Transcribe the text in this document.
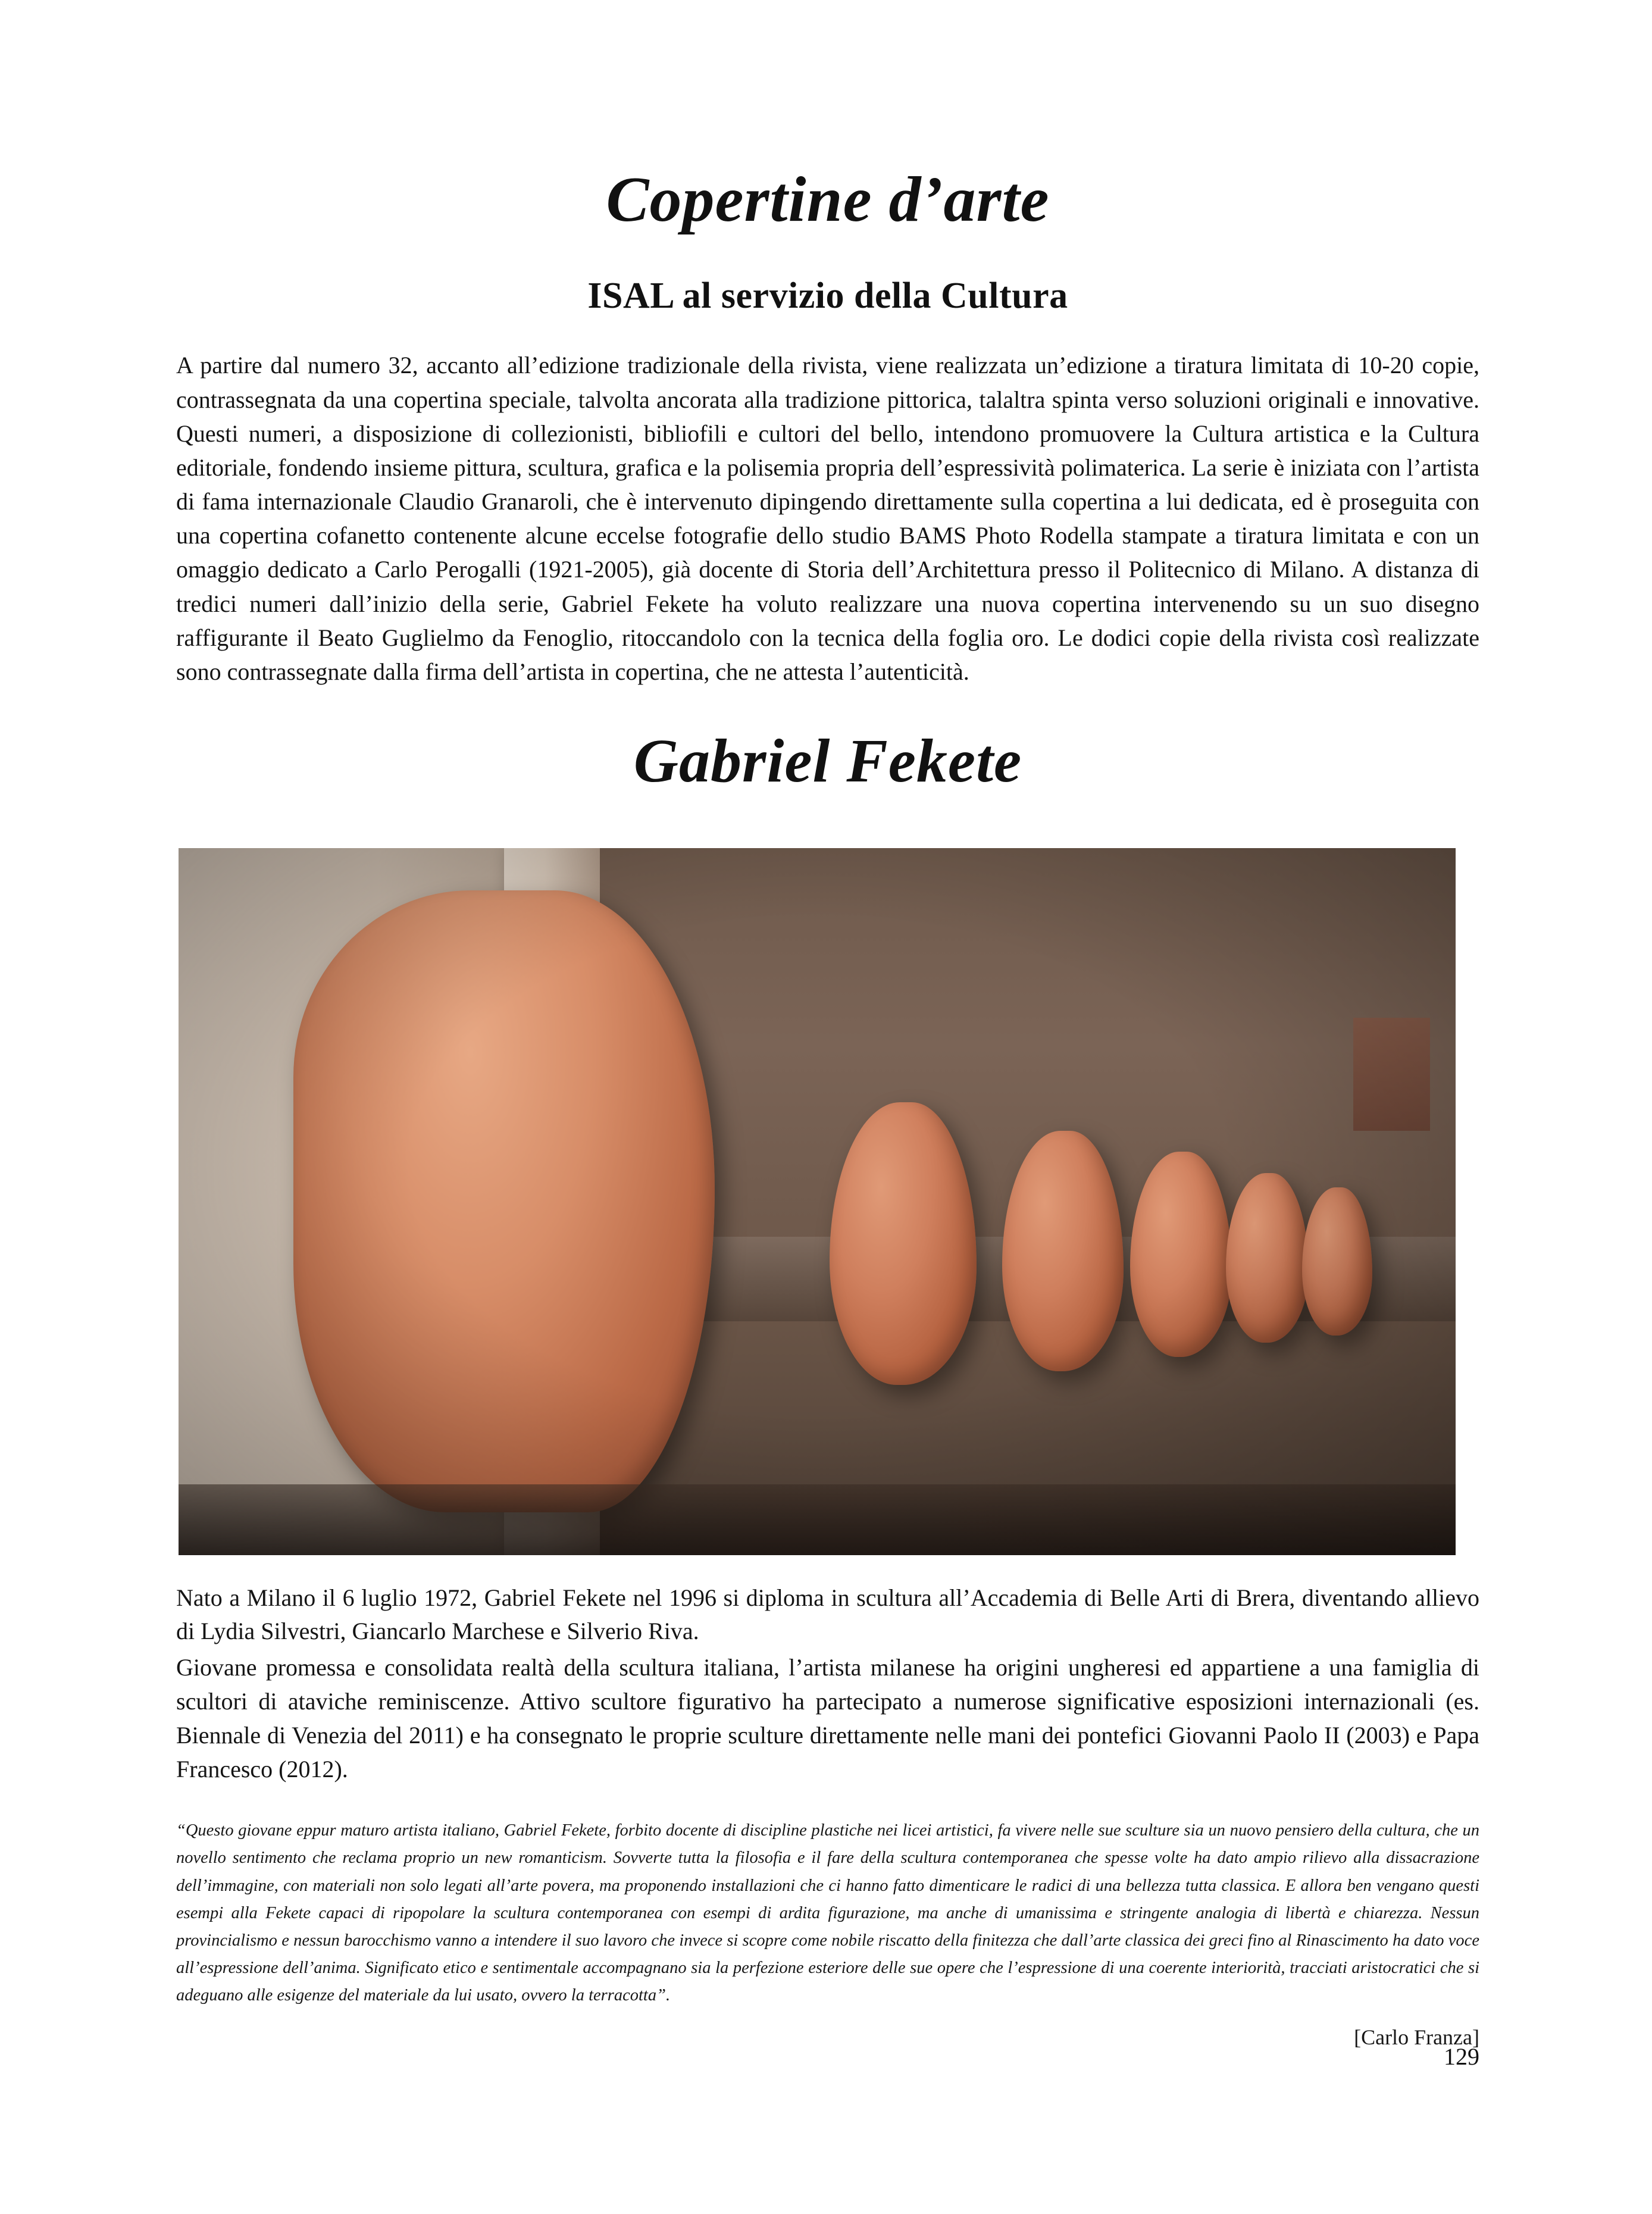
Copertine d’arte
ISAL al servizio della Cultura
A partire dal numero 32, accanto all’edizione tradizionale della rivista, viene realizzata un’edizione a tiratura limitata di 10-20 copie, contrassegnata da una copertina speciale, talvolta ancorata alla tradizione pittorica, talaltra spinta verso soluzioni originali e innovative. Questi numeri, a disposizione di collezionisti, bibliofili e cultori del bello, intendono promuovere la Cultura artistica e la Cultura editoriale, fondendo insieme pittura, scultura, grafica e la polisemia propria dell’espressività polimaterica. La serie è iniziata con l’artista di fama internazionale Claudio Granaroli, che è intervenuto dipingendo direttamente sulla copertina a lui dedicata, ed è proseguita con una copertina cofanetto contenente alcune eccelse fotografie dello studio BAMS Photo Rodella stampate a tiratura limitata e con un omaggio dedicato a Carlo Perogalli (1921-2005), già docente di Storia dell’Architettura presso il Politecnico di Milano. A distanza di tredici numeri dall’inizio della serie, Gabriel Fekete ha voluto realizzare una nuova copertina intervenendo su un suo disegno raffigurante il Beato Guglielmo da Fenoglio, ritoccandolo con la tecnica della foglia oro. Le dodici copie della rivista così realizzate sono contrassegnate dalla firma dell’artista in copertina, che ne attesta l’autenticità.
Gabriel Fekete

Nato a Milano il 6 luglio 1972, Gabriel Fekete nel 1996 si diploma in scultura all’Accademia di Belle Arti di Brera, diventando allievo di Lydia Silvestri, Giancarlo Marchese e Silverio Riva.

Giovane promessa e consolidata realtà della scultura italiana, l’artista milanese ha origini ungheresi ed appartiene a una famiglia di scultori di ataviche reminiscenze. Attivo scultore figurativo ha partecipato a numerose significative esposizioni internazionali (es. Biennale di Venezia del 2011) e ha consegnato le proprie sculture direttamente nelle mani dei pontefici Giovanni Paolo II (2003) e Papa Francesco (2012).

“Questo giovane eppur maturo artista italiano, Gabriel Fekete, forbito docente di discipline plastiche nei licei artistici, fa vivere nelle sue sculture sia un nuovo pensiero della cultura, che un novello sentimento che reclama proprio un new romanticism. Sovverte tutta la filosofia e il fare della scultura contemporanea che spesse volte ha dato ampio rilievo alla dissacrazione dell’immagine, con materiali non solo legati all’arte povera, ma proponendo installazioni che ci hanno fatto dimenticare le radici di una bellezza tutta classica. E allora ben vengano questi esempi alla Fekete capaci di ripopolare la scultura contemporanea con esempi di ardita figurazione, ma anche di umanissima e stringente analogia di libertà e chiarezza. Nessun provincialismo e nessun barocchismo vanno a intendere il suo lavoro che invece si scopre come nobile riscatto della finitezza che dall’arte classica dei greci fino al Rinascimento ha dato voce all’espressione dell’anima. Significato etico e sentimentale accompagnano sia la perfezione esteriore delle sue opere che l’espressione di una coerente interiorità, tracciati aristocratici che si adeguano alle esigenze del materiale da lui usato, ovvero la terracotta”.
[Carlo Franza]
129
